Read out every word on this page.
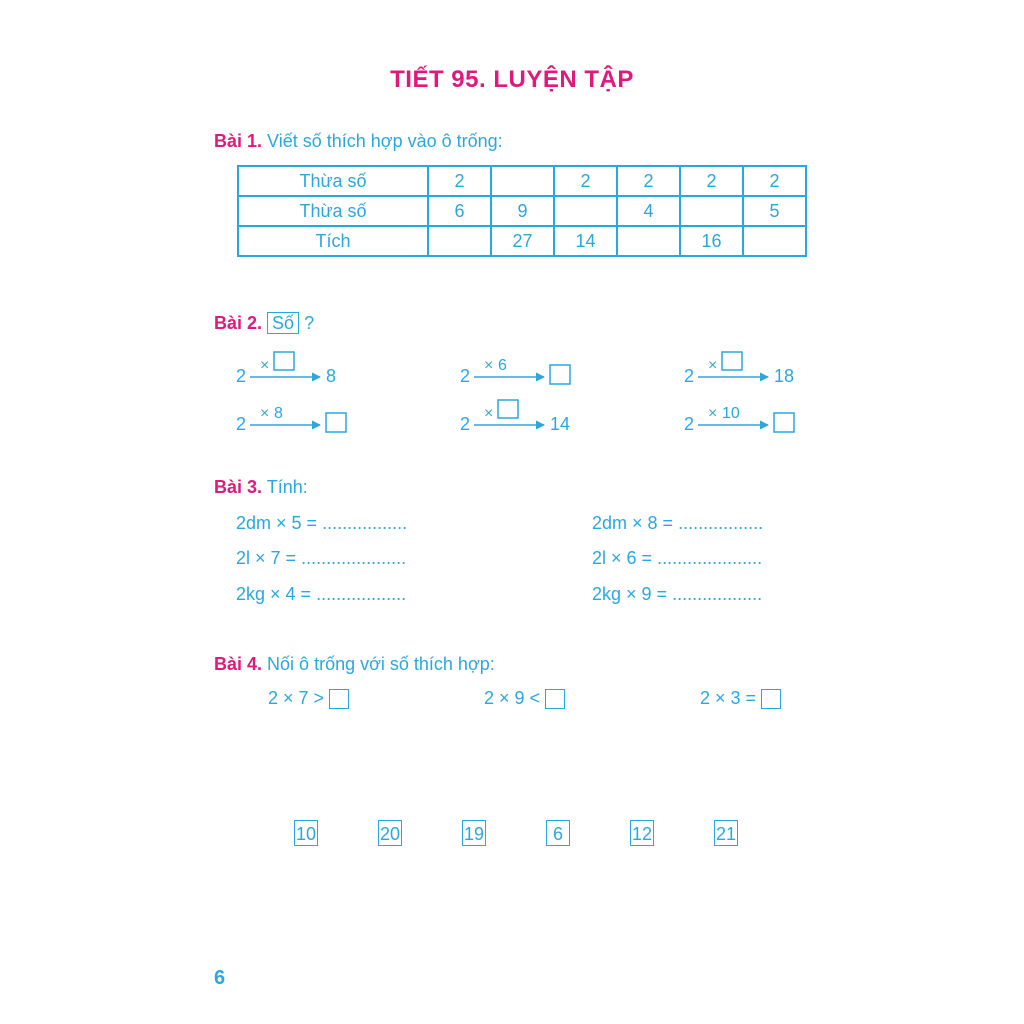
TIẾT 95. LUYỆN TẬP
Bài 1. Viết số thích hợp vào ô trống:
Thừa số	2		2	2	2	2
Thừa số	6	9		4		5
Tích		27	14		16	
Bài 2. Số ?
2
×
8	2
× 6
2
×
18
2
× 8
2
×
14	2
× 10
Bài 3. Tính:
2dm × 5 = .................
2l × 7 = .....................
2kg × 4 = ..................
2dm × 8 = .................
2l × 6 = .....................
2kg × 9 = ..................
Bài 4. Nối ô trống với số thích hợp:
2 × 7 >	2 × 9 <	2 × 3 =
10	20	19	6	12	21
6
